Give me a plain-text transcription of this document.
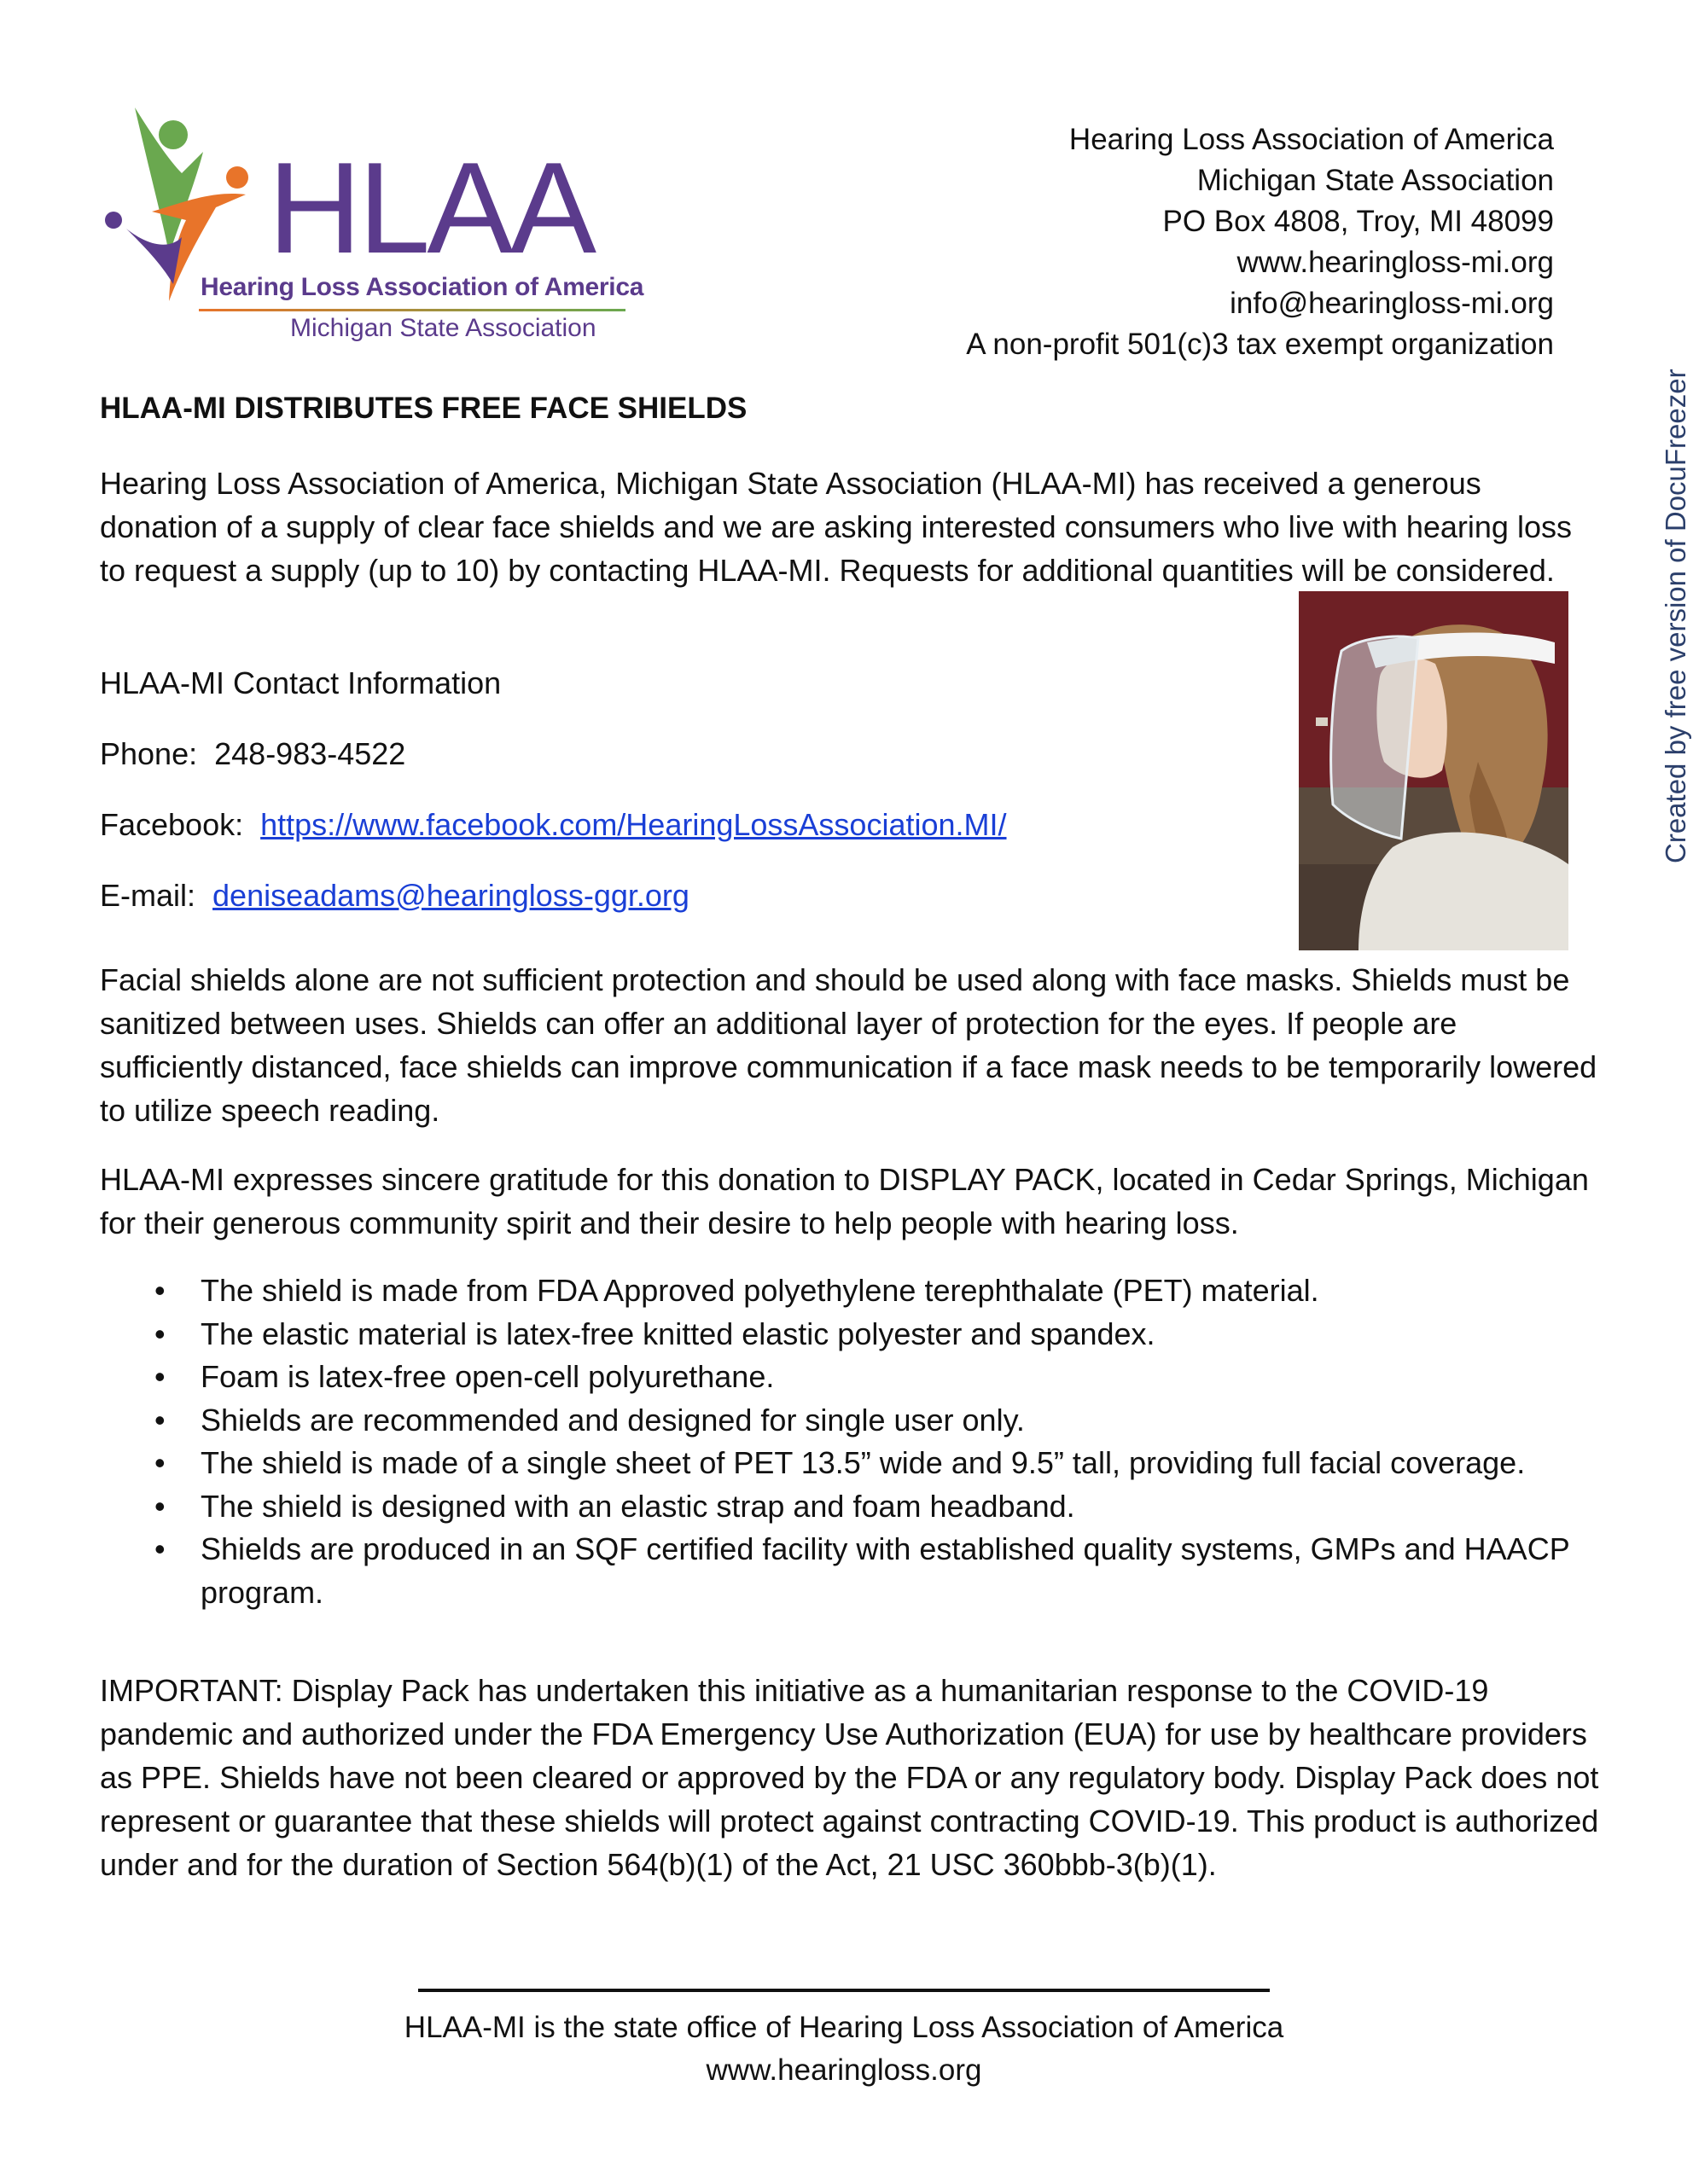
HLAA
Hearing Loss Association of America
Michigan State Association
Hearing Loss Association of America
Michigan State Association
PO Box 4808, Troy, MI 48099
www.hearingloss-mi.org
info@hearingloss-mi.org
A non-profit 501(c)3 tax exempt organization
Created by free version of DocuFreezer
HLAA-MI DISTRIBUTES FREE FACE SHIELDS
Hearing Loss Association of America, Michigan State Association (HLAA-MI) has received a generous donation of a supply of clear face shields and we are asking interested consumers who live with hearing loss to request a supply (up to 10) by contacting HLAA-MI. Requests for additional quantities will be considered.
HLAA-MI Contact Information
Phone: 248-983-4522
Facebook: https://www.facebook.com/HearingLossAssociation.MI/
E-mail: deniseadams@hearingloss-ggr.org
Facial shields alone are not sufficient protection and should be used along with face masks. Shields must be sanitized between uses. Shields can offer an additional layer of protection for the eyes. If people are sufficiently distanced, face shields can improve communication if a face mask needs to be temporarily lowered to utilize speech reading.
HLAA-MI expresses sincere gratitude for this donation to DISPLAY PACK, located in Cedar Springs, Michigan for their generous community spirit and their desire to help people with hearing loss.
• The shield is made from FDA Approved polyethylene terephthalate (PET) material.
• The elastic material is latex-free knitted elastic polyester and spandex.
• Foam is latex-free open-cell polyurethane.
• Shields are recommended and designed for single user only.
• The shield is made of a single sheet of PET 13.5” wide and 9.5” tall, providing full facial coverage.
• The shield is designed with an elastic strap and foam headband.
• Shields are produced in an SQF certified facility with established quality systems, GMPs and HAACP program.
IMPORTANT: Display Pack has undertaken this initiative as a humanitarian response to the COVID-19 pandemic and authorized under the FDA Emergency Use Authorization (EUA) for use by healthcare providers as PPE. Shields have not been cleared or approved by the FDA or any regulatory body. Display Pack does not represent or guarantee that these shields will protect against contracting COVID-19. This product is authorized under and for the duration of Section 564(b)(1) of the Act, 21 USC 360bbb-3(b)(1).
HLAA-MI is the state office of Hearing Loss Association of America
www.hearingloss.org
